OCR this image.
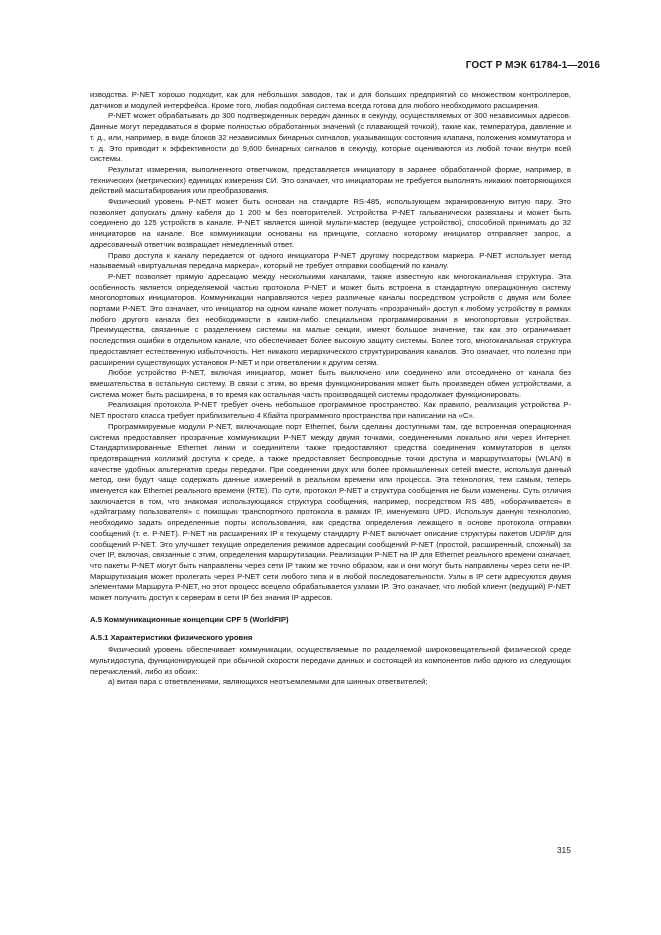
ГОСТ Р МЭК 61784-1—2016

изводства. P-NET хорошо подходит, как для небольших заводов, так и для больших предприятий со множеством контроллеров, датчиков и модулей интерфейса. Кроме того, любая подобная система всегда готова для любого необходимого расширения.

P-NET может обрабатывать до 300 подтвержденных передач данных в секунду, осуществляемых от 300 независимых адресов. Данные могут передаваться в форме полностью обработанных значений (с плавающей точкой), такие как, температура, давление и т. д., или, например, в виде блоков 32 независимых бинарных сигналов, указывающих состояния клапана, положения коммутатора и т. д. Это приводит к эффективности до 9,600 бинарных сигналов в секунду, которые оцениваются из любой точки внутри всей системы.

Результат измерения, выполненного ответчиком, представляется инициатору в заранее обработанной форме, например, в технических (метрических) единицах измерения СИ. Это означает, что инициаторам не требуется выполнять никаких повторяющихся действий масштабирования или преобразования.

Физический уровень P-NET может быть основан на стандарте RS-485, использующем экранированную витую пару. Это позволяет допускать длину кабеля до 1 200 м без повторителей. Устройства P-NET гальванически развязаны и может быть соединено до 125 устройств в канале. P-NET является шиной мульти-мастер (ведущее устройство), способной принимать до 32 инициаторов на канале. Все коммуникации основаны на принципе, согласно которому инициатор отправляет запрос, а адресованный ответчик возвращает немедленный ответ.

Право доступа к каналу передается от одного инициатора P-NET другому посредством маркера. P-NET использует метод называемый «виртуальная передача маркера», который не требует отправки сообщений по каналу.

P-NET позволяет прямую адресацию между несколькими каналами, также известную как многоканальная структура. Эта особенность является определяемой частью протокола P-NET и может быть встроена в стандартную операционную систему многопортовых инициаторов. Коммуникации направляются через различные каналы посредством устройств с двумя или более портами P-NET. Это означает, что инициатор на одном канале может получать «прозрачный» доступ к любому устройству в рамках любого другого канала без необходимости в каком-либо специальном программировании в многопортовых устройствах. Преимущества, связанные с разделением системы на малые секции, имеют большое значение, так как это ограничивает последствия ошибки в отдельном канале, что обеспечивает более высокую защиту системы. Более того, многоканальная структура предоставляет естественную избыточность. Нет никакого иерархического структурирования каналов. Это означает, что полезно при расширении существующих установок P-NET и при ответвлении к другим сетям.

Любое устройство P-NET, включая инициатор, может быть выключено или соединено или отсоединено от канала без вмешательства в остальную систему. В связи с этим, во время функционирования может быть произведен обмен устройствами, а система может быть расширена, в то время как остальная часть производящей системы продолжает функционировать.

Реализация протокола P-NET требует очень небольшое программное пространство. Как правило, реализация устройства P-NET простого класса требует приблизительно 4 Кбайта программного пространства при написании на «С».

Программируемые модули P-NET, включающие порт Ethernet, были сделаны доступными там, где встроенная операционная система предоставляет прозрачные коммуникации P-NET между двумя точками, соединенными локально или через Интернет. Стандартизированные Ethernet линии и соединители также предоставляют средства соединения коммутаторов в целях предотвращения коллизий доступа к среде, а также предоставляет беспроводные точки доступа и маршрутизаторы (WLAN) в качестве удобных альтернатив среды передачи. При соединении двух или более промышленных сетей вместе, используя данный метод, они будут чаще содержать данные измерений в реальном времени или процесса. Эта технология, тем самым, теперь именуется как Ethernet реального времени (RTE). По сути, протокол P-NET и структура сообщения не были изменены. Суть отличия заключается в том, что знакомая использующаяся структура сообщения, например, посредством RS 485, «оборачивается» в «дэйтаграму пользователя» с помощью транспортного протокола в рамках IP, именуемого UPD. Используя данную технологию, необходимо задать определенные порты использования, как средства определения лежащего в основе протокола отправки сообщений (т. е. P-NET). P-NET на расширениях IP к текущему стандарту P-NET включает описание структуры пакетов UDP/IP для сообщений P-NET. Это улучшает текущие определения режимов адресации сообщений P-NET (простой, расширенный, сложный) за счет IP, включая, связанные с этим, определения маршрутизации. Реализации P-NET на IP для Ethernet реального времени означает, что пакеты P-NET могут быть направлены через сети IP таким же точно образом, как и они могут быть направлены через сети не-IP. Маршрутизация может пролегать через P-NET сети любого типа и в любой последовательности. Узлы в IP сети адресуются двумя элементами Маршрута P-NET, но этот процесс всецело обрабатывается узлами IP. Это означает, что любой клиент (ведущий) P-NET может получить доступ к серверам в сети IP без знания IP адресов.

A.5 Коммуникационные концепции CPF 5 (WorldFIP)

A.5.1 Характеристики физического уровня

Физический уровень обеспечивает коммуникации, осуществляемые по разделяемой широковещательной физической среде мультидоступа, функционирующей при обычной скорости передачи данных и состоящей из компонентов либо одного из следующих перечислений, либо из обоих:

а) витая пара с ответвлениями, являющихся неотъемлемыми для шинных ответвителей;

315
